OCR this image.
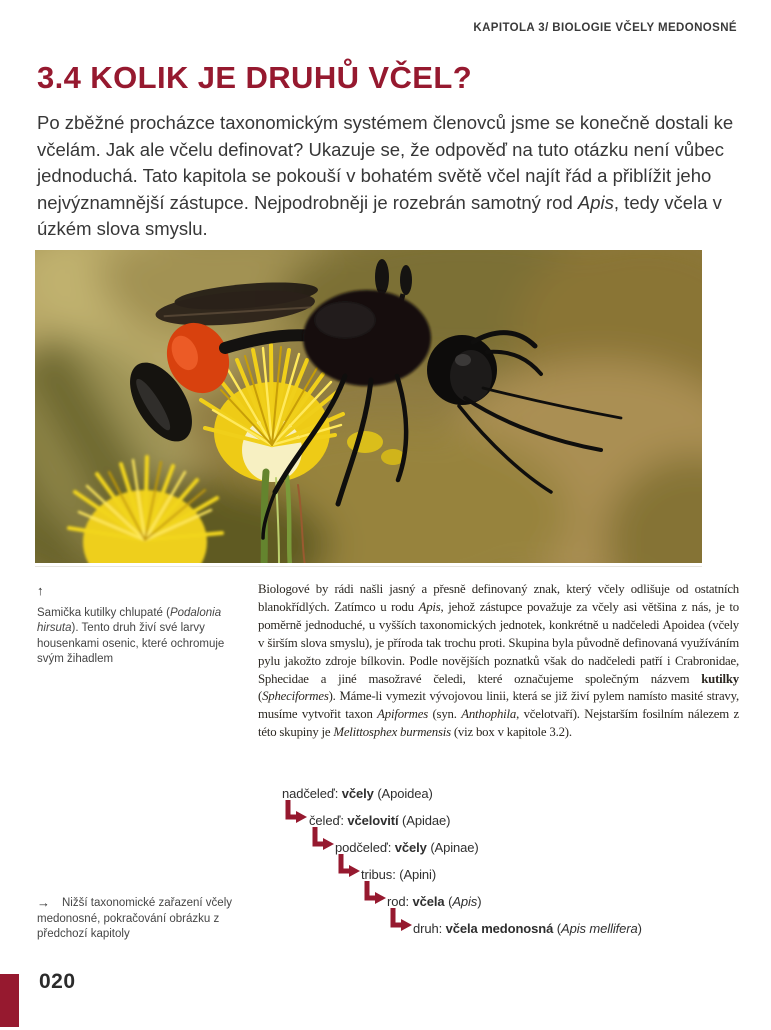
KAPITOLA 3/ BIOLOGIE VČELY MEDONOSNÉ
3.4 KOLIK JE DRUHŮ VČEL?

Po zběžné procházce taxonomickým systémem členovců jsme se konečně dostali ke včelám. Jak ale včelu definovat? Ukazuje se, že odpověď na tuto otázku není vůbec jednoduchá. Tato kapitola se pokouší v bohatém světě včel najít řád a přiblížit jeho nejvýznamnější zástupce. Nejpodrobněji je rozebrán samotný rod Apis, tedy včela v úzkém slova smyslu.

↑
Samička kutilky chlupaté (Podalonia hirsuta). Tento druh živí své larvy housenkami osenic, které ochromuje svým žihadlem

Biologové by rádi našli jasný a přesně definovaný znak, který včely odlišuje od ostatních blanokřídlých. Zatímco u rodu Apis, jehož zástupce považuje za včely asi většina z nás, je to poměrně jednoduché, u vyšších taxonomických jednotek, konkrétně u nadčeledi Apoidea (včely v širším slova smyslu), je příroda tak trochu proti. Skupina byla původně definovaná využíváním pylu jakožto zdroje bílkovin. Podle novějších poznatků však do nadčeledi patří i Crabronidae, Sphecidae a jiné masožravé čeledi, které označujeme společným názvem kutilky (Spheciformes). Máme-li vymezit vývojovou linii, která se již živí pylem namísto masité stravy, musíme vytvořit taxon Apiformes (syn. Anthophila, včelotvaří). Nejstarším fosilním nálezem z této skupiny je Melittosphex burmensis (viz box v kapitole 3.2).

nadčeleď: včely (Apoidea)
čeleď: včelovití (Apidae)
podčeleď: včely (Apinae)
tribus: (Apini)
rod: včela (Apis)
druh: včela medonosná (Apis mellifera)
→ Nižší taxonomické zařazení včely medonosné, pokračování obrázku z předchozí kapitoly
020
